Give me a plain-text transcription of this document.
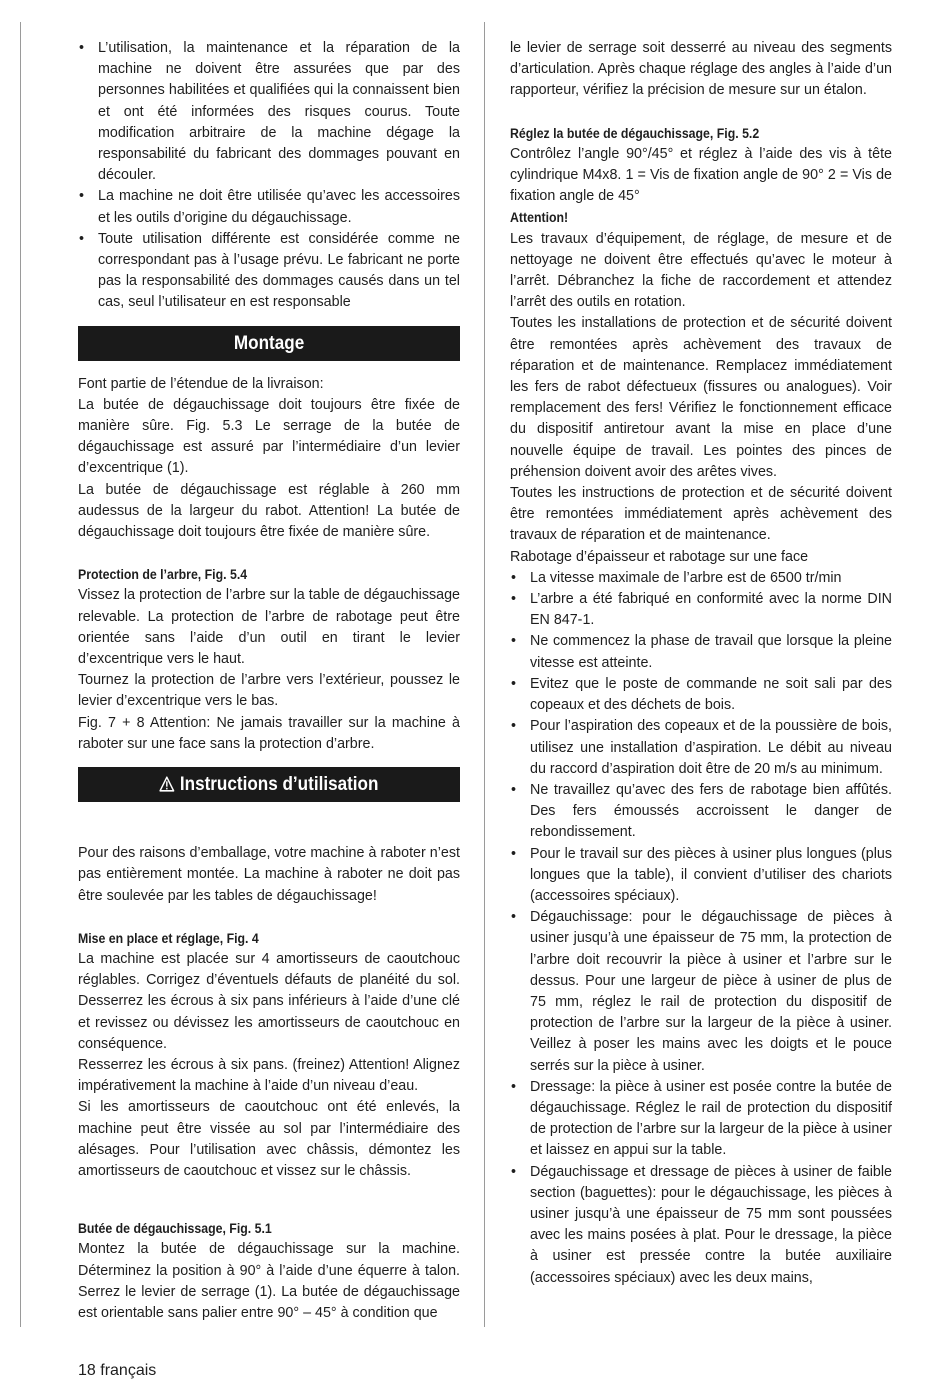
• L’utilisation, la maintenance et la réparation de la machine ne doivent être assurées que par des personnes habilitées et qualifiées qui la connaissent bien et ont été informées des risques courus. Toute modification arbitraire de la machine dégage la responsabilité du fabricant des dommages pouvant en découler.
• La machine ne doit être utilisée qu’avec les accessoires et les outils d’origine du dégauchissage.
• Toute utilisation différente est considérée comme ne correspondant pas à l’usage prévu. Le fabricant ne porte pas la responsabilité des dommages causés dans un tel cas, seul l’utilisateur en est responsable
Montage

Font partie de l’étendue de la livraison:

La butée de dégauchissage doit toujours être fixée de manière sûre. Fig. 5.3 Le serrage de la butée de dégauchissage est assuré par l’intermédiaire d’un levier d’excentrique (1).

La butée de dégauchissage est réglable à 260 mm audessus de la largeur du rabot. Attention! La butée de dégauchissage doit toujours être fixée de manière sûre.

Protection de l’arbre, Fig. 5.4

Vissez la protection de l’arbre sur la table de dégauchissage relevable. La protection de l’arbre de rabotage peut être orientée sans l’aide d’un outil en tirant le levier d’excentrique vers le haut.

Tournez la protection de l’arbre vers l’extérieur, poussez le levier d’excentrique vers le bas.

Fig. 7 + 8 Attention: Ne jamais travailler sur la machine à raboter sur une face sans la protection d’arbre.

Instructions d’utilisation

Pour des raisons d’emballage, votre machine à raboter n’est pas entièrement montée. La machine à raboter ne doit pas être soulevée par les tables de dégauchissage!

Mise en place et réglage, Fig. 4

La machine est placée sur 4 amortisseurs de caoutchouc réglables. Corrigez d’éventuels défauts de planéité du sol. Desserrez les écrous à six pans inférieurs à l’aide d’une clé et revissez ou dévissez les amortisseurs de caoutchouc en conséquence.

Resserrez les écrous à six pans. (freinez) Attention! Alignez impérativement la machine à l’aide d’un niveau d’eau.

Si les amortisseurs de caoutchouc ont été enlevés, la machine peut être vissée au sol par l’intermédiaire des alésages. Pour l’utilisation avec châssis, démontez les amortisseurs de caoutchouc et vissez sur le châssis.

Butée de dégauchissage, Fig. 5.1

Montez la butée de dégauchissage sur la machine. Déterminez la position à 90° à l’aide d’une équerre à talon. Serrez le levier de serrage (1). La butée de dégauchissage est orientable sans palier entre 90° – 45° à condition que

le levier de serrage soit desserré au niveau des segments d’articulation. Après chaque réglage des angles à l’aide d’un rapporteur, vérifiez la précision de mesure sur un étalon.

Réglez la butée de dégauchissage, Fig. 5.2

Contrôlez l’angle 90°/45° et réglez à l’aide des vis à tête cylindrique M4x8. 1 = Vis de fixation angle de 90° 2 = Vis de fixation angle de 45°

Attention!

Les travaux d’équipement, de réglage, de mesure et de nettoyage ne doivent être effectués qu’avec le moteur à l’arrêt. Débranchez la fiche de raccordement et attendez l’arrêt des outils en rotation.

Toutes les installations de protection et de sécurité doivent être remontées après achèvement des travaux de réparation et de maintenance. Remplacez immédiatement les fers de rabot défectueux (fissures ou analogues). Voir remplacement des fers! Vérifiez le fonctionnement efficace du dispositif antiretour avant la mise en place d’une nouvelle équipe de travail. Les pointes des pinces de préhension doivent avoir des arêtes vives.

Toutes les instructions de protection et de sécurité doivent être remontées immédiatement après achèvement des travaux de réparation et de maintenance.

Rabotage d’épaisseur et rabotage sur une face

• La vitesse maximale de l’arbre est de 6500 tr/min
• L’arbre a été fabriqué en conformité avec la norme DIN EN 847-1.
• Ne commencez la phase de travail que lorsque la pleine vitesse est atteinte.
• Evitez que le poste de commande ne soit sali par des copeaux et des déchets de bois.
• Pour l’aspiration des copeaux et de la poussière de bois, utilisez une installation d’aspiration. Le débit au niveau du raccord d’aspiration doit être de 20 m/s au minimum.
• Ne travaillez qu’avec des fers de rabotage bien affûtés. Des fers émoussés accroissent le danger de rebondissement.
• Pour le travail sur des pièces à usiner plus longues (plus longues que la table), il convient d’utiliser des chariots (accessoires spéciaux).
• Dégauchissage: pour le dégauchissage de pièces à usiner jusqu’à une épaisseur de 75 mm, la protection de l’arbre doit recouvrir la pièce à usiner et l’arbre sur le dessus. Pour une largeur de pièce à usiner de plus de 75 mm, réglez le rail de protection du dispositif de protection de l’arbre sur la largeur de la pièce à usiner. Veillez à poser les mains avec les doigts et le pouce serrés sur la pièce à usiner.
• Dressage: la pièce à usiner est posée contre la butée de dégauchissage. Réglez le rail de protection du dispositif de protection de l’arbre sur la largeur de la pièce à usiner et laissez en appui sur la table.
• Dégauchissage et dressage de pièces à usiner de faible section (baguettes): pour le dégauchissage, les pièces à usiner jusqu’à une épaisseur de 75 mm sont poussées avec les mains posées à plat. Pour le dressage, la pièce à usiner est pressée contre la butée auxiliaire (accessoires spéciaux) avec les deux mains,
18 français
